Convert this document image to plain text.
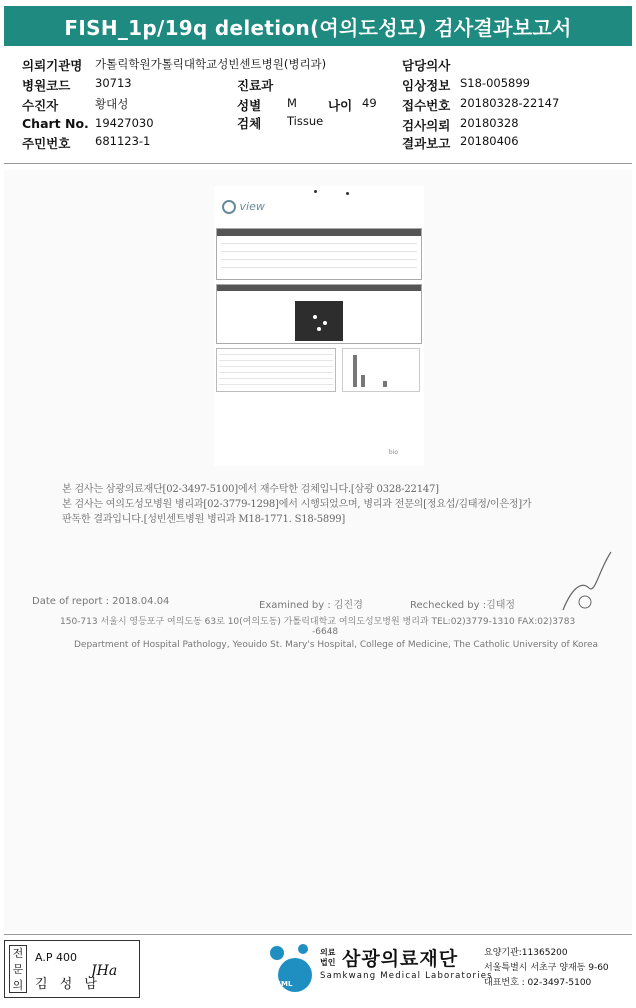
FISH_1p/19q deletion(여의도성모) 검사결과보고서
의뢰기관명 가톨릭학원가톨릭대학교성빈센트병원(병리과)
병원코드 30713
수진자	황대성
Chart No. 19427030
주민번호 681123-1
진료과
성별 M 나이 49
검체 Tissue
담당의사
임상정보 S18-005899
접수번호 20180328-22147
검사의뢰 20180328
결과보고 20180406
view
bio
본 검사는 삼광의료재단[02-3497-5100]에서 재수탁한 검체입니다.[삼광 0328-22147]
본 검사는 여의도성모병원 병리과[02-3779-1298]에서 시행되었으며, 병리과 전문의[정요섭/김태정/이은정]가
판독한 결과입니다.[성빈센트병원 병리과 M18-1771. S18-5899]
Date of report : 2018.04.04	Examined by : 김진경	Rechecked by :김태정
150-713 서울시 영등포구 여의도동 63로 10(여의도동) 가톨릭대학교 여의도성모병원 병리과 TEL:02)3779-1310 FAX:02)3783
-6648
Department of Hospital Pathology, Yeouido St. Mary's Hospital, College of Medicine, The Catholic University of Korea
전문의
A.P 400
김 성 남
JHa
SML
의료
법인 삼광의료재단
Samkwang Medical Laboratories
요양기관:11365200
서울특별시 서초구 양재동 9-60
대표번호 : 02-3497-5100
